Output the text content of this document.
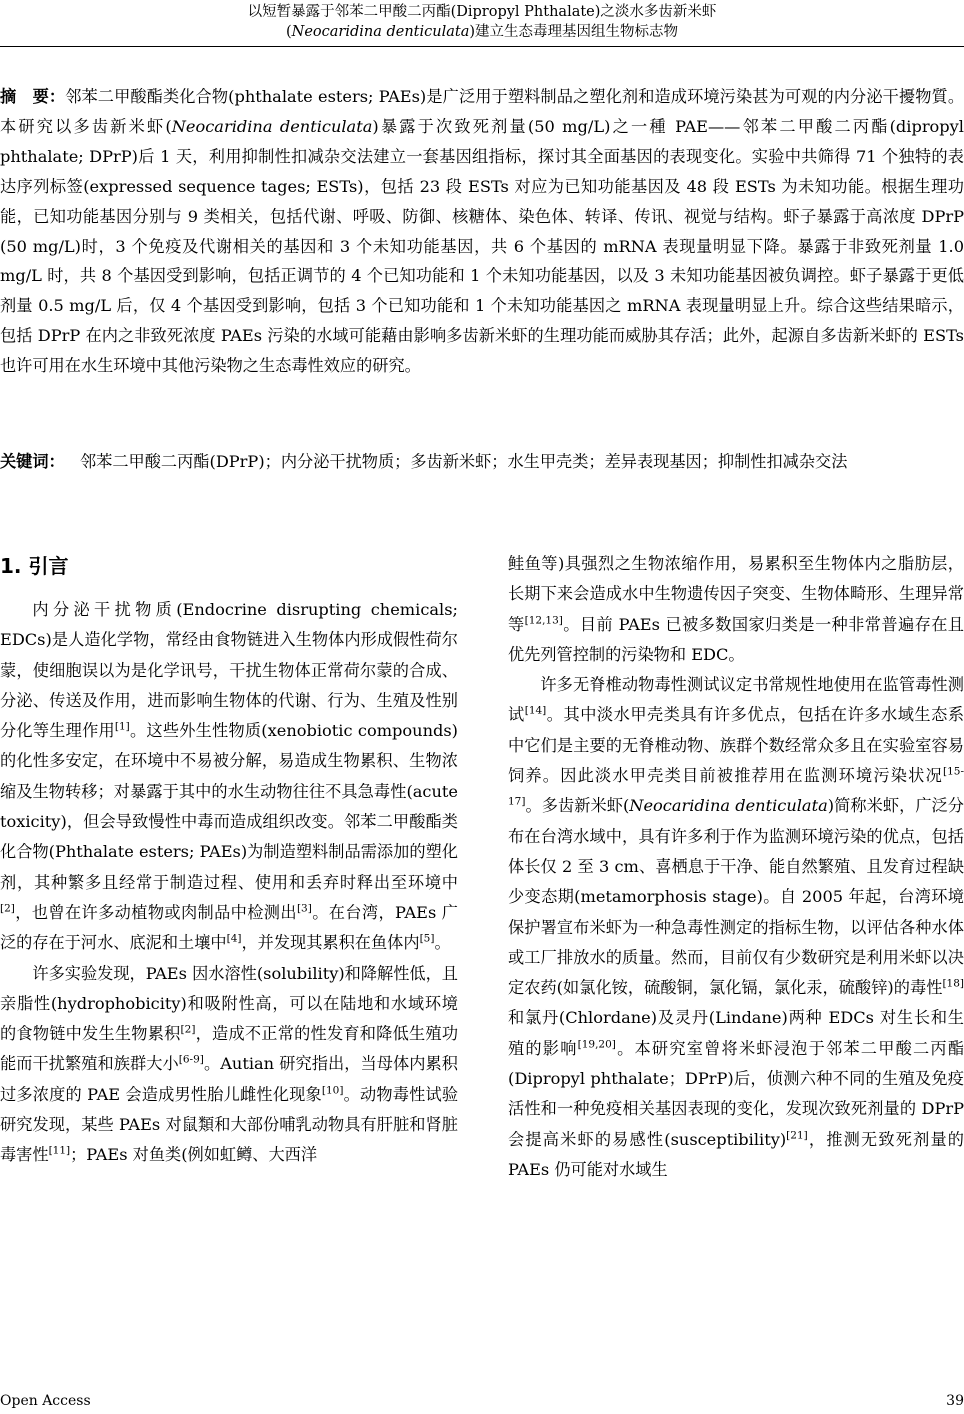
以短暂暴露于邻苯二甲酸二丙酯(Dipropyl Phthalate)之淡水多齿新米虾
(Neocaridina denticulata)建立生态毒理基因组生物标志物

摘　要：邻苯二甲酸酯类化合物(phthalate esters; PAEs)是广泛用于塑料制品之塑化剂和造成环境污染甚为可观的内分泌干擾物質。本研究以多齿新米虾(Neocaridina denticulata)暴露于次致死剂量(50 mg/L)之一種 PAE——邻苯二甲酸二丙酯(dipropyl phthalate; DPrP)后 1 天，利用抑制性扣减杂交法建立一套基因组指标，探讨其全面基因的表现变化。实验中共筛得 71 个独特的表达序列标签(expressed sequence tages; ESTs)，包括 23 段 ESTs 对应为已知功能基因及 48 段 ESTs 为未知功能。根据生理功能，已知功能基因分别与 9 类相关，包括代谢、呼吸、防御、核糖体、染色体、转译、传讯、视觉与结构。虾子暴露于高浓度 DPrP (50 mg/L)时，3 个免疫及代谢相关的基因和 3 个未知功能基因，共 6 个基因的 mRNA 表现量明显下降。暴露于非致死剂量 1.0 mg/L 时，共 8 个基因受到影响，包括正调节的 4 个已知功能和 1 个未知功能基因，以及 3 未知功能基因被负调控。虾子暴露于更低剂量 0.5 mg/L 后，仅 4 个基因受到影响，包括 3 个已知功能和 1 个未知功能基因之 mRNA 表现量明显上升。综合这些结果暗示，包括 DPrP 在内之非致死浓度 PAEs 污染的水域可能藉由影响多齿新米虾的生理功能而威胁其存活；此外，起源自多齿新米虾的 ESTs 也许可用在水生环境中其他污染物之生态毒性效应的研究。

关键词： 邻苯二甲酸二丙酯(DPrP)；内分泌干扰物质；多齿新米虾；水生甲壳类；差异表现基因；抑制性扣减杂交法

1. 引言

内分泌干扰物质(Endocrine disrupting chemicals; EDCs)是人造化学物，常经由食物链进入生物体内形成假性荷尔蒙，使细胞误以为是化学讯号，干扰生物体正常荷尔蒙的合成、分泌、传送及作用，进而影响生物体的代谢、行为、生殖及性别分化等生理作用[1]。这些外生性物质(xenobiotic compounds)的化性多安定，在环境中不易被分解，易造成生物累积、生物浓缩及生物转移；对暴露于其中的水生动物往往不具急毒性(acute toxicity)，但会导致慢性中毒而造成组织改变。邻苯二甲酸酯类化合物(Phthalate esters; PAEs)为制造塑料制品需添加的塑化剂，其种繁多且经常于制造过程、使用和丢弃时释出至环境中[2]，也曾在许多动植物或肉制品中检测出[3]。在台湾，PAEs 广泛的存在于河水、底泥和土壤中[4]，并发现其累积在鱼体内[5]。

许多实验发现，PAEs 因水溶性(solubility)和降解性低，且亲脂性(hydrophobicity)和吸附性高，可以在陆地和水域环境的食物链中发生生物累积[2]，造成不正常的性发育和降低生殖功能而干扰繁殖和族群大小[6-9]。Autian 研究指出，当母体内累积过多浓度的 PAE 会造成男性胎儿雌性化现象[10]。动物毒性试验研究发现，某些 PAEs 对鼠類和大部份哺乳动物具有肝脏和肾脏毒害性[11]；PAEs 对鱼类(例如虹鳟、大西洋

鲑鱼等)具强烈之生物浓缩作用，易累积至生物体内之脂肪层，长期下来会造成水中生物遗传因子突变、生物体畸形、生理异常等[12,13]。目前 PAEs 已被多数国家归类是一种非常普遍存在且优先列管控制的污染物和 EDC。

许多无脊椎动物毒性测试议定书常规性地使用在监管毒性测试[14]。其中淡水甲壳类具有许多优点，包括在许多水域生态系中它们是主要的无脊椎动物、族群个数经常众多且在实验室容易饲养。因此淡水甲壳类目前被推荐用在监测环境污染状况[15-17]。多齿新米虾(Neocaridina denticulata)简称米虾，广泛分布在台湾水域中，具有许多利于作为监测环境污染的优点，包括体长仅 2 至 3 cm、喜栖息于干净、能自然繁殖、且发育过程缺少变态期(metamorphosis stage)。自 2005 年起，台湾环境保护署宣布米虾为一种急毒性测定的指标生物，以评估各种水体或工厂排放水的质量。然而，目前仅有少数研究是利用米虾以决定农药(如氯化铵，硫酸铜，氯化镉，氯化汞，硫酸锌)的毒性[18]和氯丹(Chlordane)及灵丹(Lindane)两种 EDCs 对生长和生殖的影响[19,20]。本研究室曾将米虾浸泡于邻苯二甲酸二丙酯(Dipropyl phthalate；DPrP)后，侦测六种不同的生殖及免疫活性和一种免疫相关基因表现的变化，发现次致死剂量的 DPrP 会提高米虾的易感性(susceptibility)[21]，推测无致死剂量的 PAEs 仍可能对水域生

Open Access	39
